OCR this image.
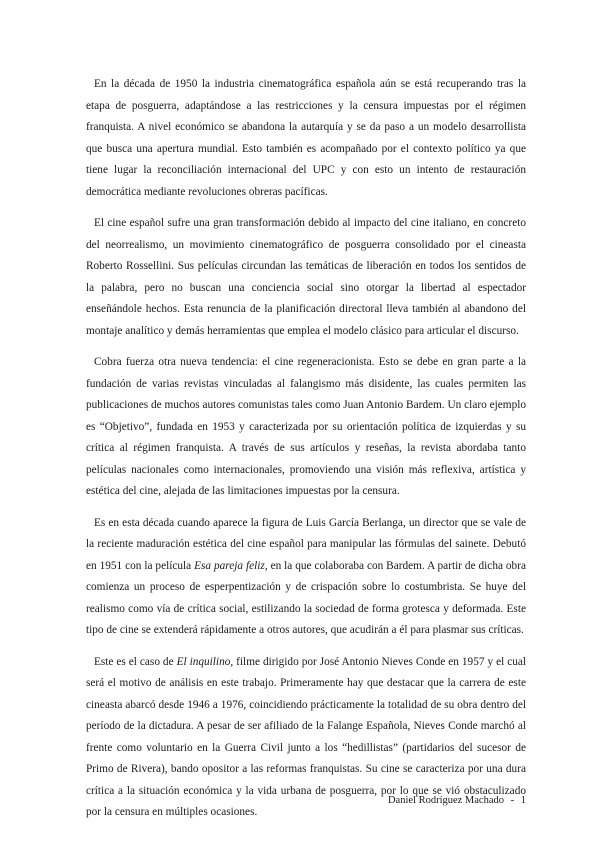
En la década de 1950 la industria cinematográfica española aún se está recuperando tras la etapa de posguerra, adaptándose a las restricciones y la censura impuestas por el régimen franquista. A nivel económico se abandona la autarquía y se da paso a un modelo desarrollista que busca una apertura mundial. Esto también es acompañado por el contexto político ya que tiene lugar la reconciliación internacional del UPC y con esto un intento de restauración democrática mediante revoluciones obreras pacíficas.

El cine español sufre una gran transformación debido al impacto del cine italiano, en concreto del neorrealismo, un movimiento cinematográfico de posguerra consolidado por el cineasta Roberto Rossellini. Sus películas circundan las temáticas de liberación en todos los sentidos de la palabra, pero no buscan una conciencia social sino otorgar la libertad al espectador enseñándole hechos. Esta renuncia de la planificación directoral lleva también al abandono del montaje analítico y demás herramientas que emplea el modelo clásico para articular el discurso.

Cobra fuerza otra nueva tendencia: el cine regeneracionista. Esto se debe en gran parte a la fundación de varias revistas vinculadas al falangismo más disidente, las cuales permiten las publicaciones de muchos autores comunistas tales como Juan Antonio Bardem. Un claro ejemplo es “Objetivo”, fundada en 1953 y caracterizada por su orientación política de izquierdas y su crítica al régimen franquista. A través de sus artículos y reseñas, la revista abordaba tanto películas nacionales como internacionales, promoviendo una visión más reflexiva, artística y estética del cine, alejada de las limitaciones impuestas por la censura.

Es en esta década cuando aparece la figura de Luis García Berlanga, un director que se vale de la reciente maduración estética del cine español para manipular las fórmulas del sainete. Debutó en 1951 con la película Esa pareja feliz, en la que colaboraba con Bardem. A partir de dicha obra comienza un proceso de esperpentización y de crispación sobre lo costumbrista. Se huye del realismo como vía de crítica social, estilizando la sociedad de forma grotesca y deformada. Este tipo de cine se extenderá rápidamente a otros autores, que acudirán a él para plasmar sus críticas.

Este es el caso de El inquilino, filme dirigido por José Antonio Nieves Conde en 1957 y el cual será el motivo de análisis en este trabajo. Primeramente hay que destacar que la carrera de este cineasta abarcó desde 1946 a 1976, coincidiendo prácticamente la totalidad de su obra dentro del período de la dictadura. A pesar de ser afiliado de la Falange Española, Nieves Conde marchó al frente como voluntario en la Guerra Civil junto a los “hedillistas” (partidarios del sucesor de Primo de Rivera), bando opositor a las reformas franquistas. Su cine se caracteriza por una dura crítica a la situación económica y la vida urbana de posguerra, por lo que se vió obstaculizado por la censura en múltiples ocasiones.

Daniel Rodríguez Machado - 1
